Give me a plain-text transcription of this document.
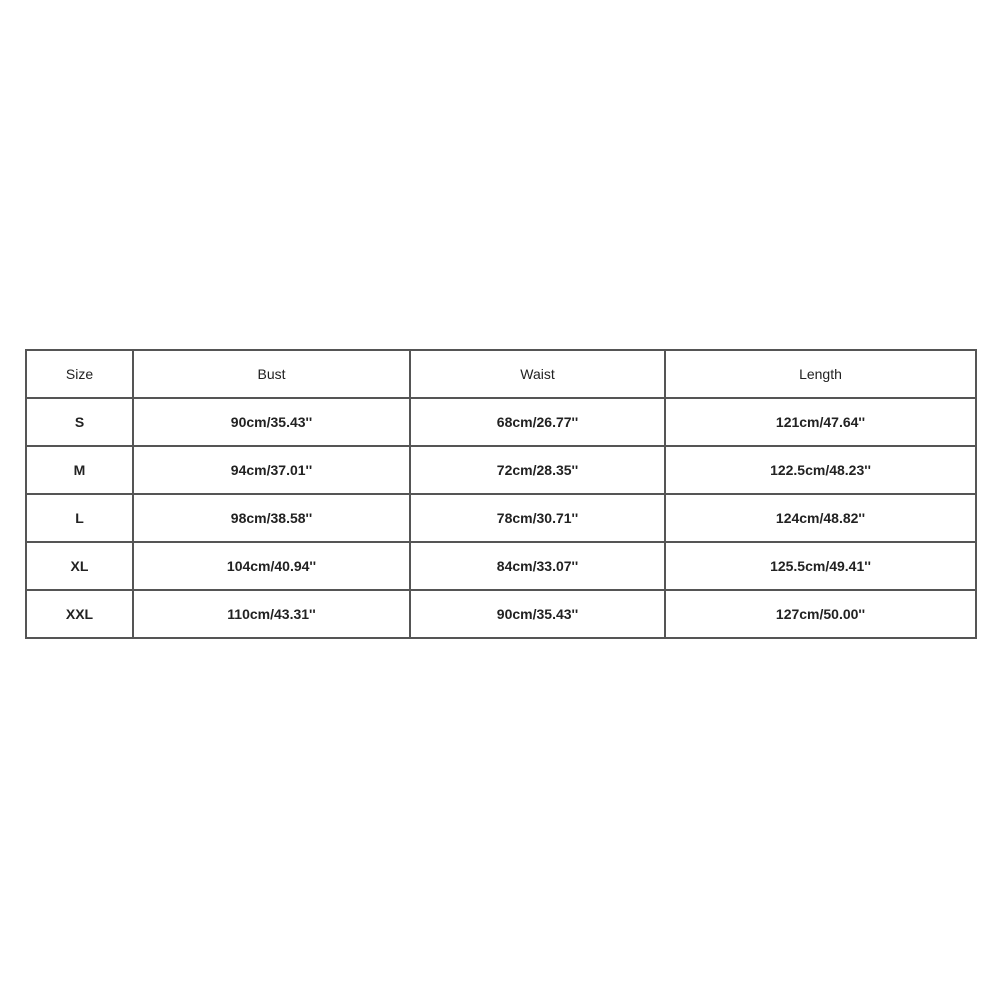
Size	Bust	Waist	Length
S	90cm/35.43''	68cm/26.77''	121cm/47.64''
M	94cm/37.01''	72cm/28.35''	122.5cm/48.23''
L	98cm/38.58''	78cm/30.71''	124cm/48.82''
XL	104cm/40.94''	84cm/33.07''	125.5cm/49.41''
XXL	110cm/43.31''	90cm/35.43''	127cm/50.00''
